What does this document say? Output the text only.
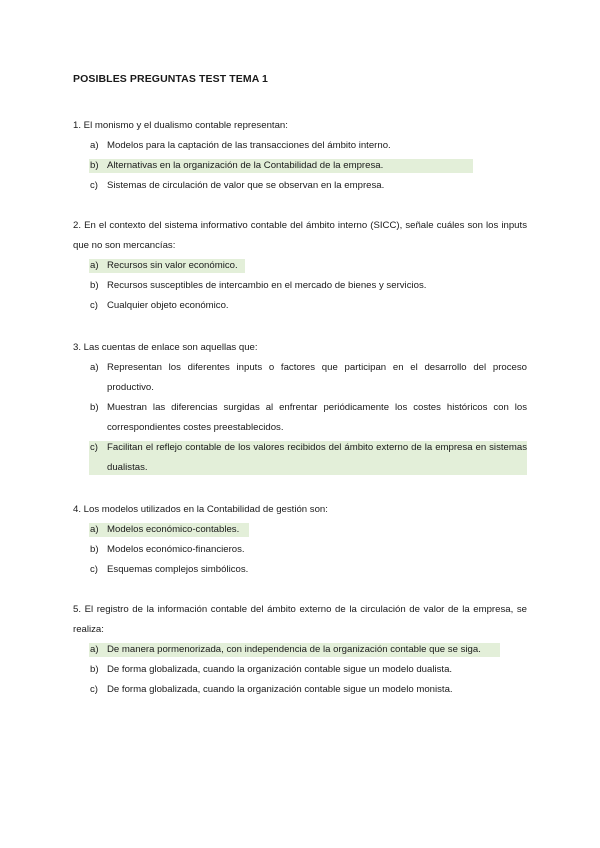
POSIBLES PREGUNTAS TEST TEMA 1

1. El monismo y el dualismo contable representan:

a) Modelos para la captación de las transacciones del ámbito interno.
b) Alternativas en la organización de la Contabilidad de la empresa.
c) Sistemas de circulación de valor que se observan en la empresa.

2. En el contexto del sistema informativo contable del ámbito interno (SICC), señale cuáles son los inputs que no son mercancías:

a) Recursos sin valor económico.
b) Recursos susceptibles de intercambio en el mercado de bienes y servicios.
c) Cualquier objeto económico.

3. Las cuentas de enlace son aquellas que:

a) Representan los diferentes inputs o factores que participan en el desarrollo del proceso productivo.
b) Muestran las diferencias surgidas al enfrentar periódicamente los costes históricos con los correspondientes costes preestablecidos.
c) Facilitan el reflejo contable de los valores recibidos del ámbito externo de la empresa en sistemas dualistas.

4. Los modelos utilizados en la Contabilidad de gestión son:

a) Modelos económico-contables.
b) Modelos económico-financieros.
c) Esquemas complejos simbólicos.

5. El registro de la información contable del ámbito externo de la circulación de valor de la empresa, se realiza:

a) De manera pormenorizada, con independencia de la organización contable que se siga.
b) De forma globalizada, cuando la organización contable sigue un modelo dualista.
c) De forma globalizada, cuando la organización contable sigue un modelo monista.
